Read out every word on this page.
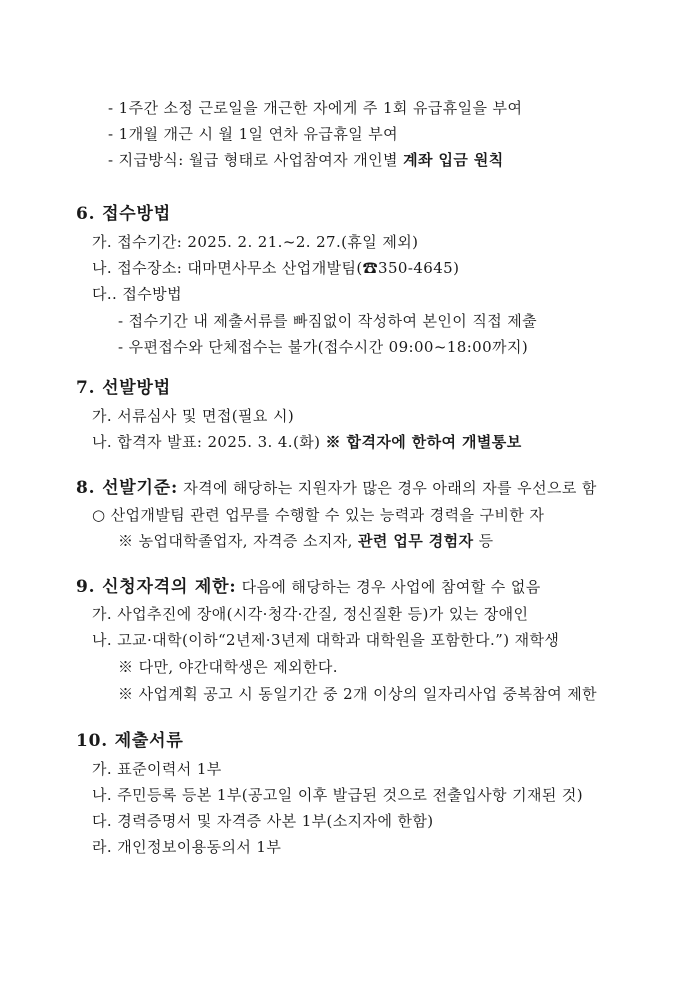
- 1주간 소정 근로일을 개근한 자에게 주 1회 유급휴일을 부여
- 1개월 개근 시 월 1일 연차 유급휴일 부여
- 지급방식: 월급 형태로 사업참여자 개인별 계좌 입금 원칙
6. 접수방법
가. 접수기간: 2025. 2. 21.~2. 27.(휴일 제외)
나. 접수장소: 대마면사무소 산업개발팀(☎350-4645)
다.. 접수방법
- 접수기간 내 제출서류를 빠짐없이 작성하여 본인이 직접 제출
- 우편접수와 단체접수는 불가(접수시간 09:00~18:00까지)
7. 선발방법
가. 서류심사 및 면접(필요 시)
나. 합격자 발표: 2025. 3. 4.(화) ※ 합격자에 한하여 개별통보
8. 선발기준: 자격에 해당하는 지원자가 많은 경우 아래의 자를 우선으로 함
○ 산업개발팀 관련 업무를 수행할 수 있는 능력과 경력을 구비한 자
※ 농업대학졸업자, 자격증 소지자, 관련 업무 경험자 등
9. 신청자격의 제한: 다음에 해당하는 경우 사업에 참여할 수 없음
가. 사업추진에 장애(시각·청각·간질, 정신질환 등)가 있는 장애인
나. 고교·대학(이하“2년제·3년제 대학과 대학원을 포함한다.”) 재학생
※ 다만, 야간대학생은 제외한다.
※ 사업계획 공고 시 동일기간 중 2개 이상의 일자리사업 중복참여 제한
10. 제출서류
가. 표준이력서 1부
나. 주민등록 등본 1부(공고일 이후 발급된 것으로 전출입사항 기재된 것)
다. 경력증명서 및 자격증 사본 1부(소지자에 한함)
라. 개인정보이용동의서 1부
